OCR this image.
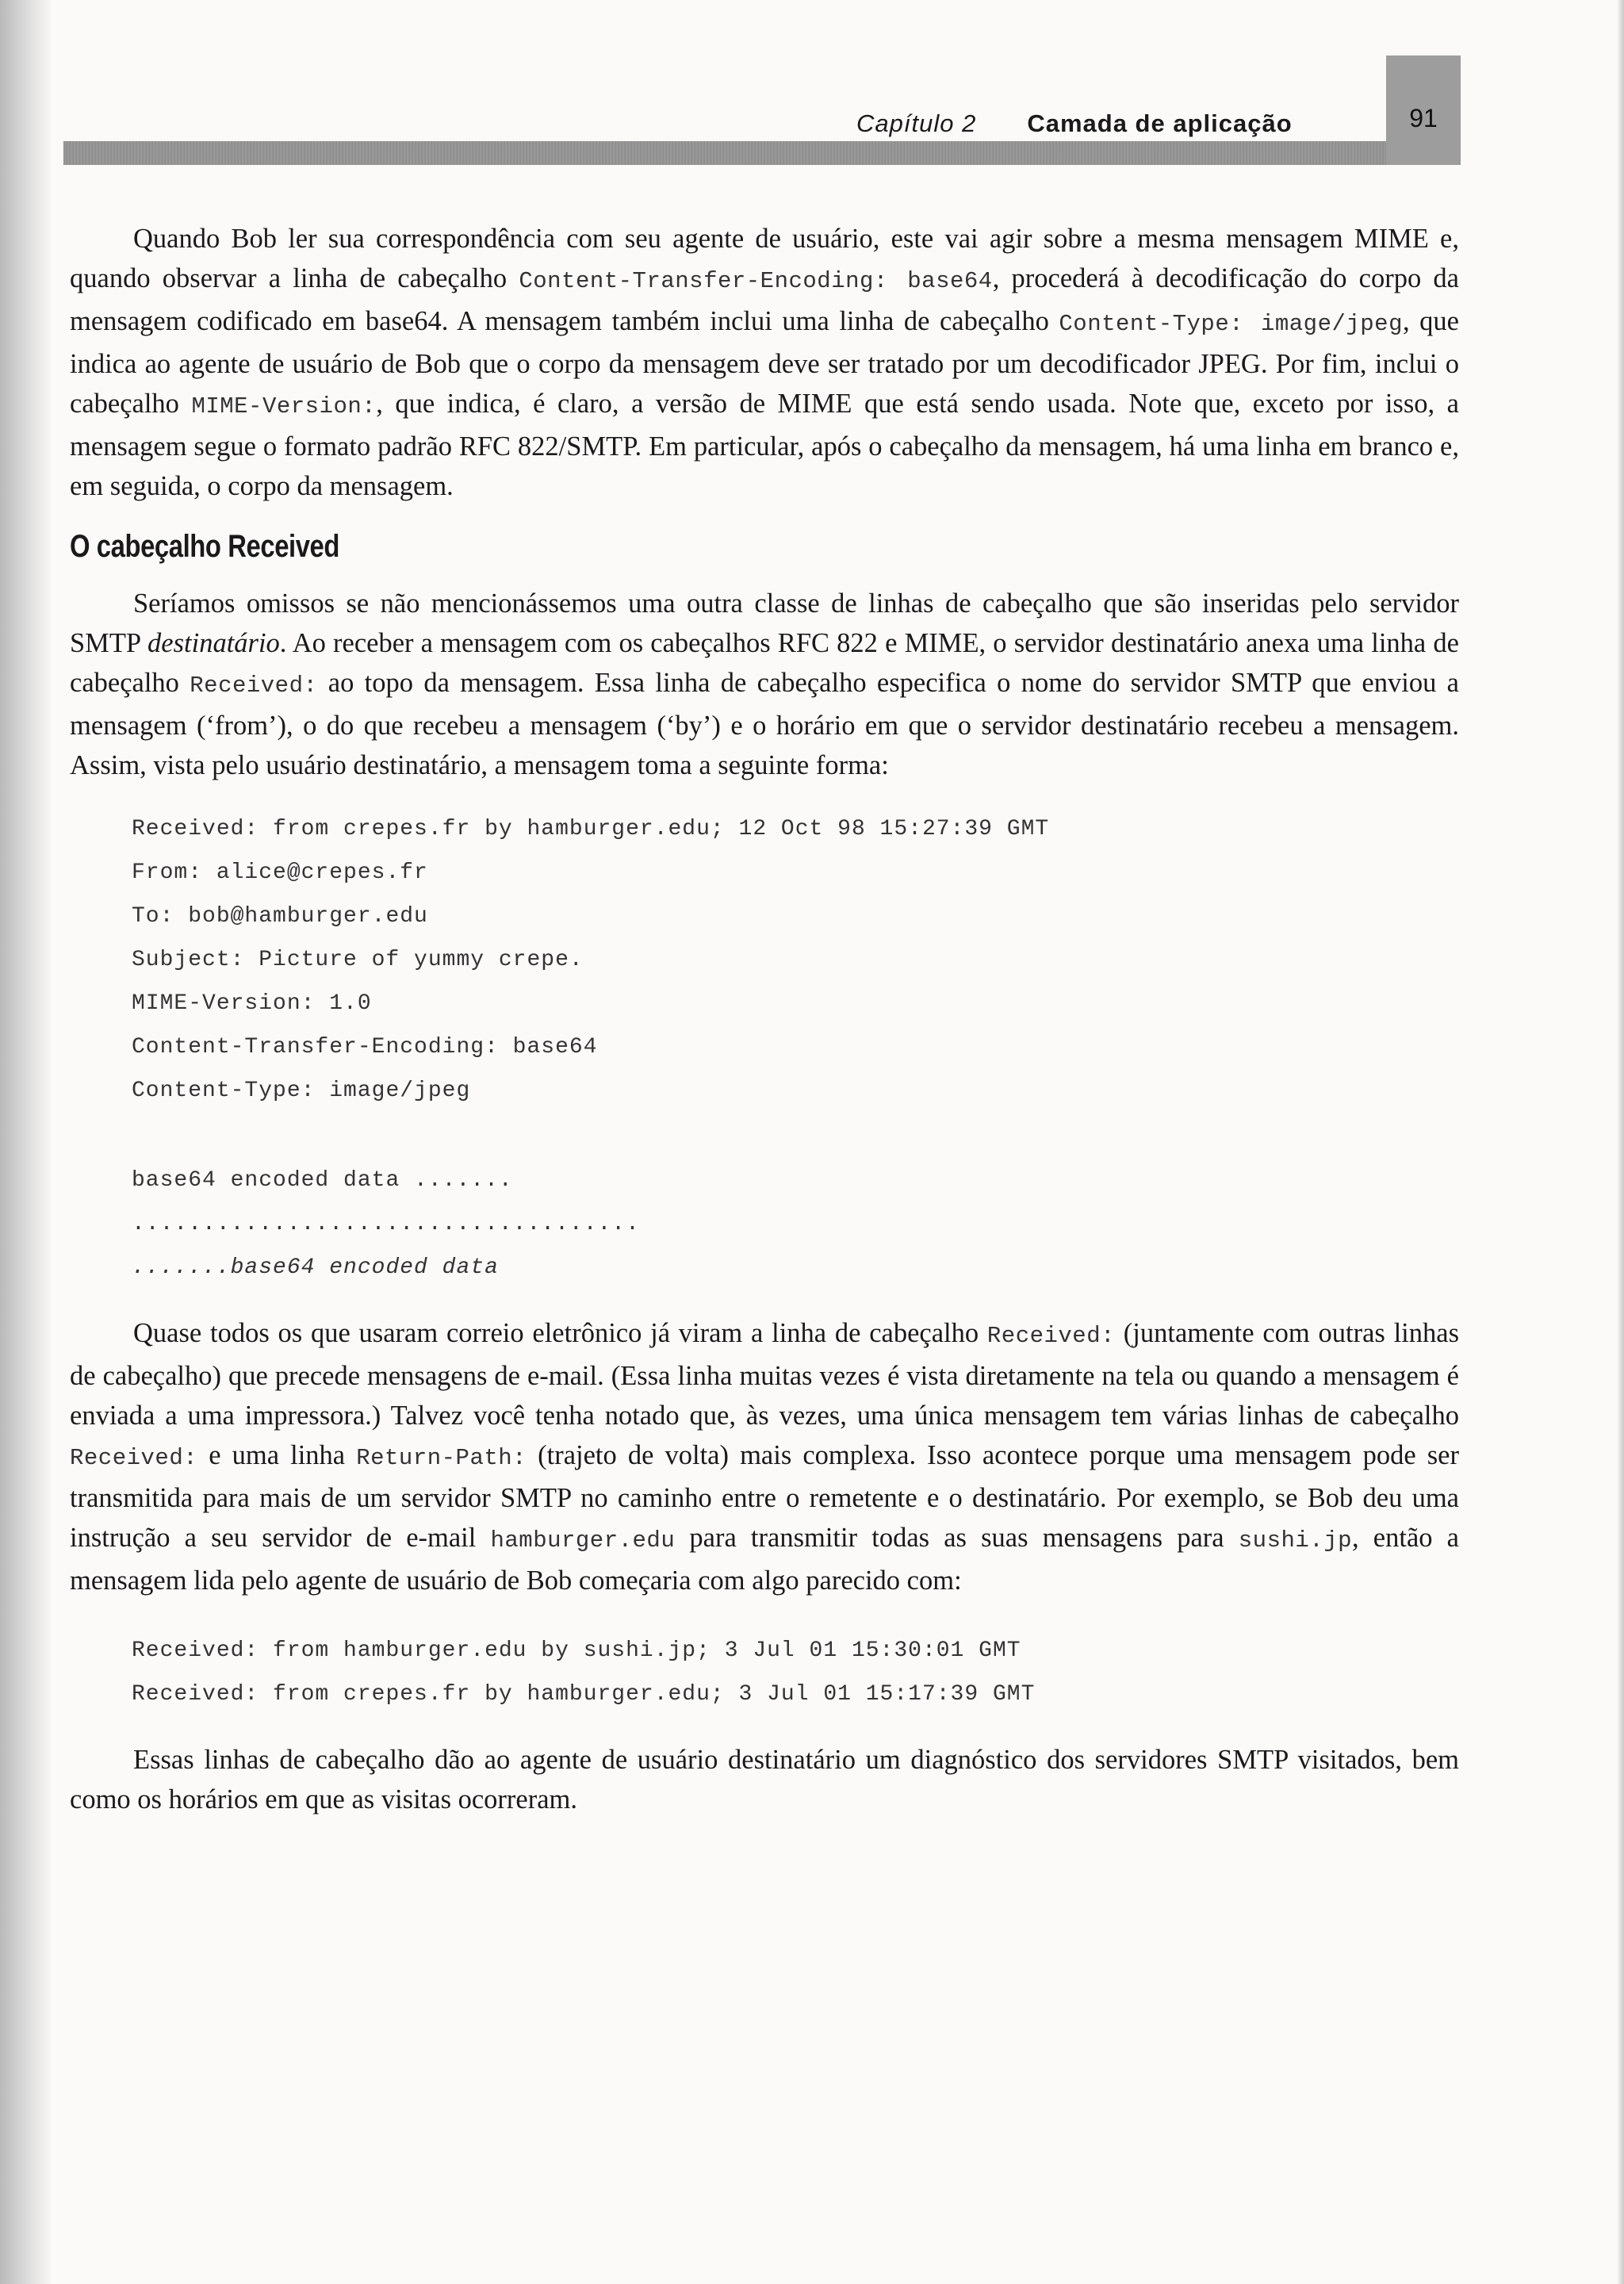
Capítulo 2 Camada de aplicação	91

Quando Bob ler sua correspondência com seu agente de usuário, este vai agir sobre a mesma mensagem MIME e, quando observar a linha de cabeçalho Content-Transfer-Encoding: base64, procederá à decodificação do corpo da mensagem codificado em base64. A mensagem também inclui uma linha de cabeçalho Content-Type: image/jpeg, que indica ao agente de usuário de Bob que o corpo da mensagem deve ser tratado por um decodificador JPEG. Por fim, inclui o cabeçalho MIME-Version:, que indica, é claro, a versão de MIME que está sendo usada. Note que, exceto por isso, a mensagem segue o formato padrão RFC 822/SMTP. Em particular, após o cabeçalho da mensagem, há uma linha em branco e, em seguida, o corpo da mensagem.

O cabeçalho Received

Seríamos omissos se não mencionássemos uma outra classe de linhas de cabeçalho que são inseridas pelo servidor SMTP destinatário. Ao receber a mensagem com os cabeçalhos RFC 822 e MIME, o servidor destinatário anexa uma linha de cabeçalho Received: ao topo da mensagem. Essa linha de cabeçalho especifica o nome do servidor SMTP que enviou a mensagem (‘from’), o do que recebeu a mensagem (‘by’) e o horário em que o servidor destinatário recebeu a mensagem. Assim, vista pelo usuário destinatário, a mensagem toma a seguinte forma:

Received: from crepes.fr by hamburger.edu; 12 Oct 98 15:27:39 GMT
From: alice@crepes.fr
To: bob@hamburger.edu
Subject: Picture of yummy crepe.
MIME-Version: 1.0
Content-Transfer-Encoding: base64
Content-Type: image/jpeg
base64 encoded data .......
....................................
.......base64 encoded data

Quase todos os que usaram correio eletrônico já viram a linha de cabeçalho Received: (juntamente com outras linhas de cabeçalho) que precede mensagens de e-mail. (Essa linha muitas vezes é vista diretamente na tela ou quando a mensagem é enviada a uma impressora.) Talvez você tenha notado que, às vezes, uma única mensagem tem várias linhas de cabeçalho Received: e uma linha Return-Path: (trajeto de volta) mais complexa. Isso acontece porque uma mensagem pode ser transmitida para mais de um servidor SMTP no caminho entre o remetente e o destinatário. Por exemplo, se Bob deu uma instrução a seu servidor de e-mail hamburger.edu para transmitir todas as suas mensagens para sushi.jp, então a mensagem lida pelo agente de usuário de Bob começaria com algo parecido com:

Received: from hamburger.edu by sushi.jp; 3 Jul 01 15:30:01 GMT
Received: from crepes.fr by hamburger.edu; 3 Jul 01 15:17:39 GMT

Essas linhas de cabeçalho dão ao agente de usuário destinatário um diagnóstico dos servidores SMTP visitados, bem como os horários em que as visitas ocorreram.
